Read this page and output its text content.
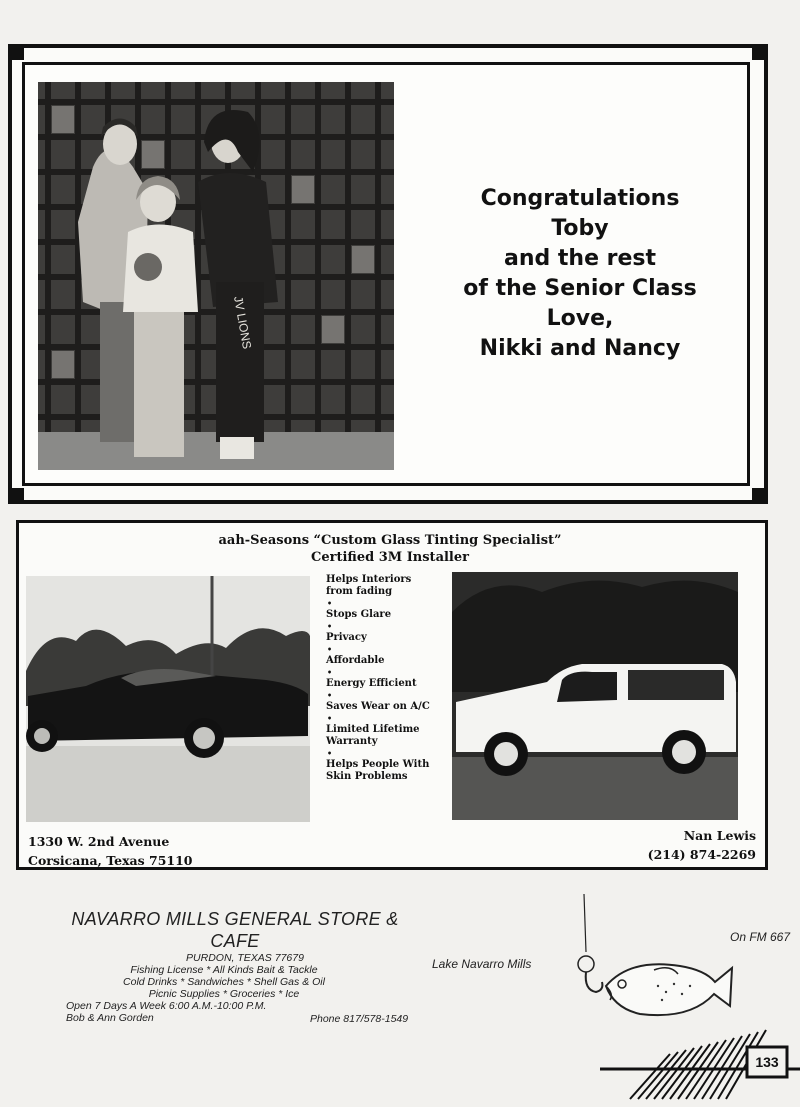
JV LIONS
Congratulations
Toby
and the rest
of the Senior Class
Love,
Nikki and Nancy
aah-Seasons “Custom Glass Tinting Specialist”
Certified 3M Installer
Helps Interiors from fading
•
Stops Glare
•
Privacy
•
Affordable
•
Energy Efficient
•
Saves Wear on A/C
•
Limited Lifetime Warranty
•
Helps People With Skin Problems
1330 W. 2nd Avenue
Corsicana, Texas 75110
Nan Lewis
(214) 874-2269
NAVARRO MILLS GENERAL STORE &
CAFE
PURDON, TEXAS 77679
Fishing License * All Kinds Bait & Tackle
Cold Drinks * Sandwiches * Shell Gas & Oil
Picnic Supplies * Groceries * Ice
Open 7 Days A Week 6:00 A.M.-10:00 P.M.
Bob & Ann Gorden	Phone 817/578-1549
Lake Navarro Mills
On FM 667
133
